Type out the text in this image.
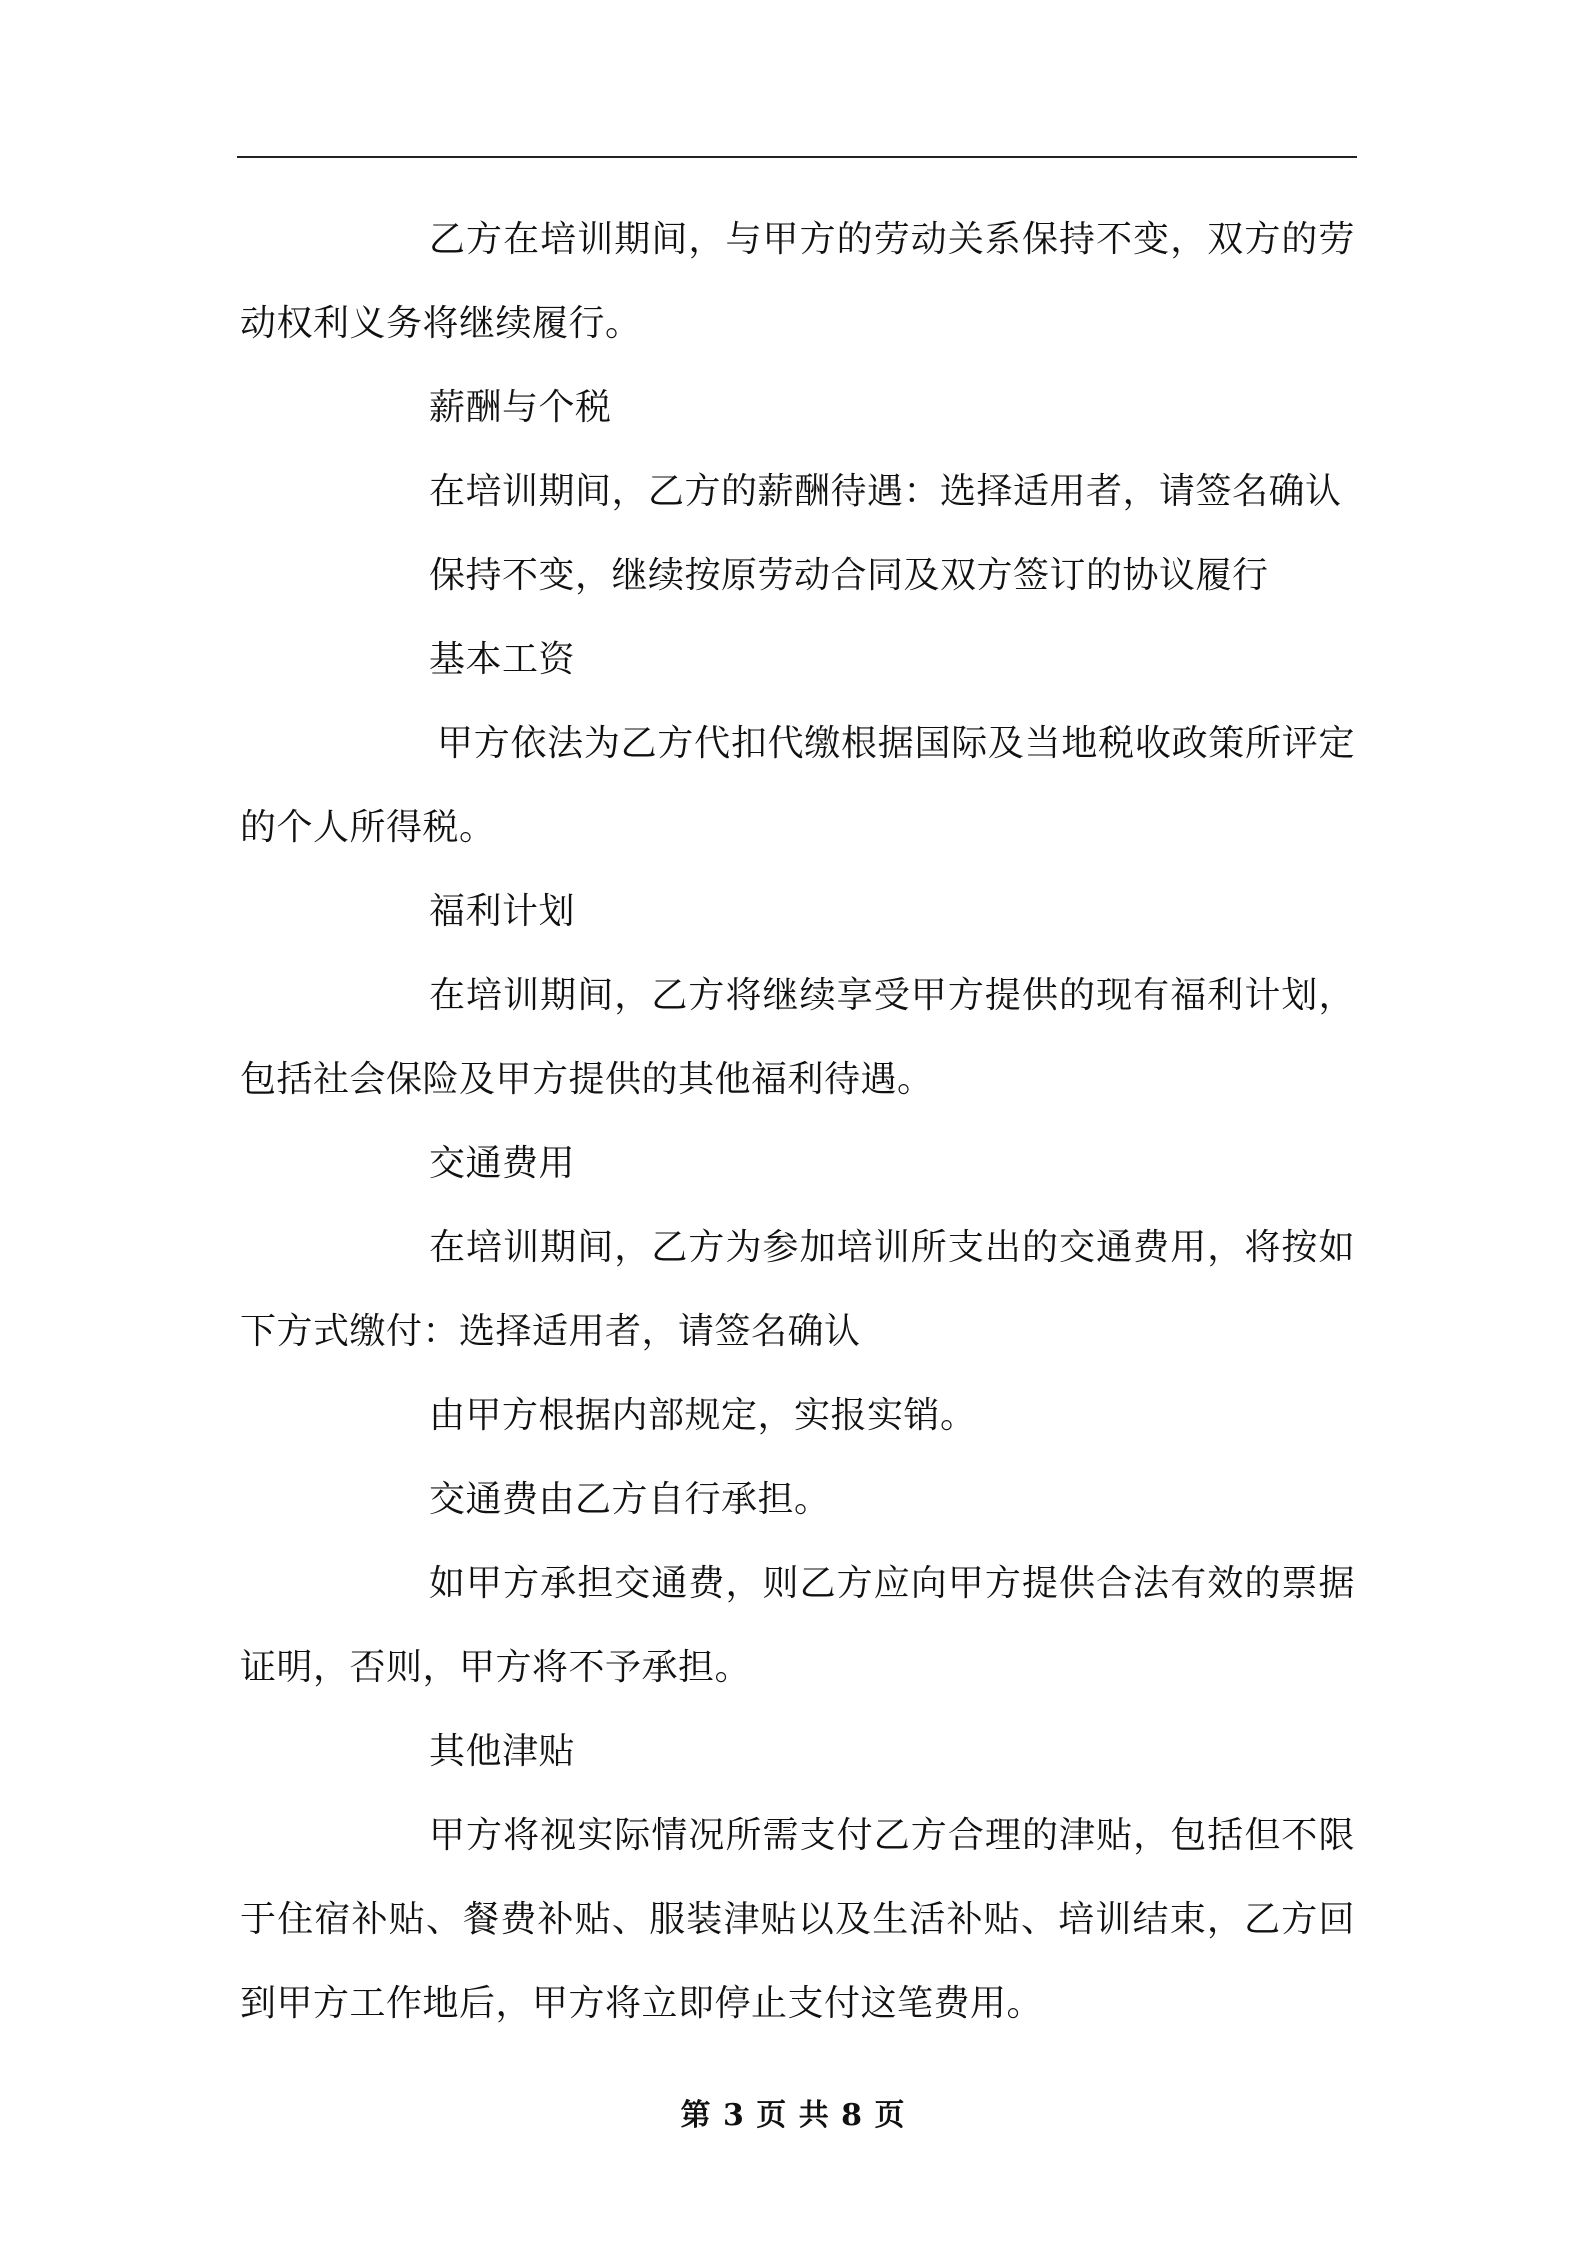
乙方在培训期间，与甲方的劳动关系保持不变，双方的劳动权利义务将继续履行。

薪酬与个税

在培训期间，乙方的薪酬待遇：选择适用者，请签名确认

保持不变，继续按原劳动合同及双方签订的协议履行

基本工资

甲方依法为乙方代扣代缴根据国际及当地税收政策所评定的个人所得税。

福利计划

在培训期间，乙方将继续享受甲方提供的现有福利计划，包括社会保险及甲方提供的其他福利待遇。

交通费用

在培训期间，乙方为参加培训所支出的交通费用，将按如下方式缴付：选择适用者，请签名确认

由甲方根据内部规定，实报实销。

交通费由乙方自行承担。

如甲方承担交通费，则乙方应向甲方提供合法有效的票据证明，否则，甲方将不予承担。

其他津贴

甲方将视实际情况所需支付乙方合理的津贴，包括但不限于住宿补贴、餐费补贴、服装津贴以及生活补贴、培训结束，乙方回到甲方工作地后，甲方将立即停止支付这笔费用。

第 3 页 共 8 页
